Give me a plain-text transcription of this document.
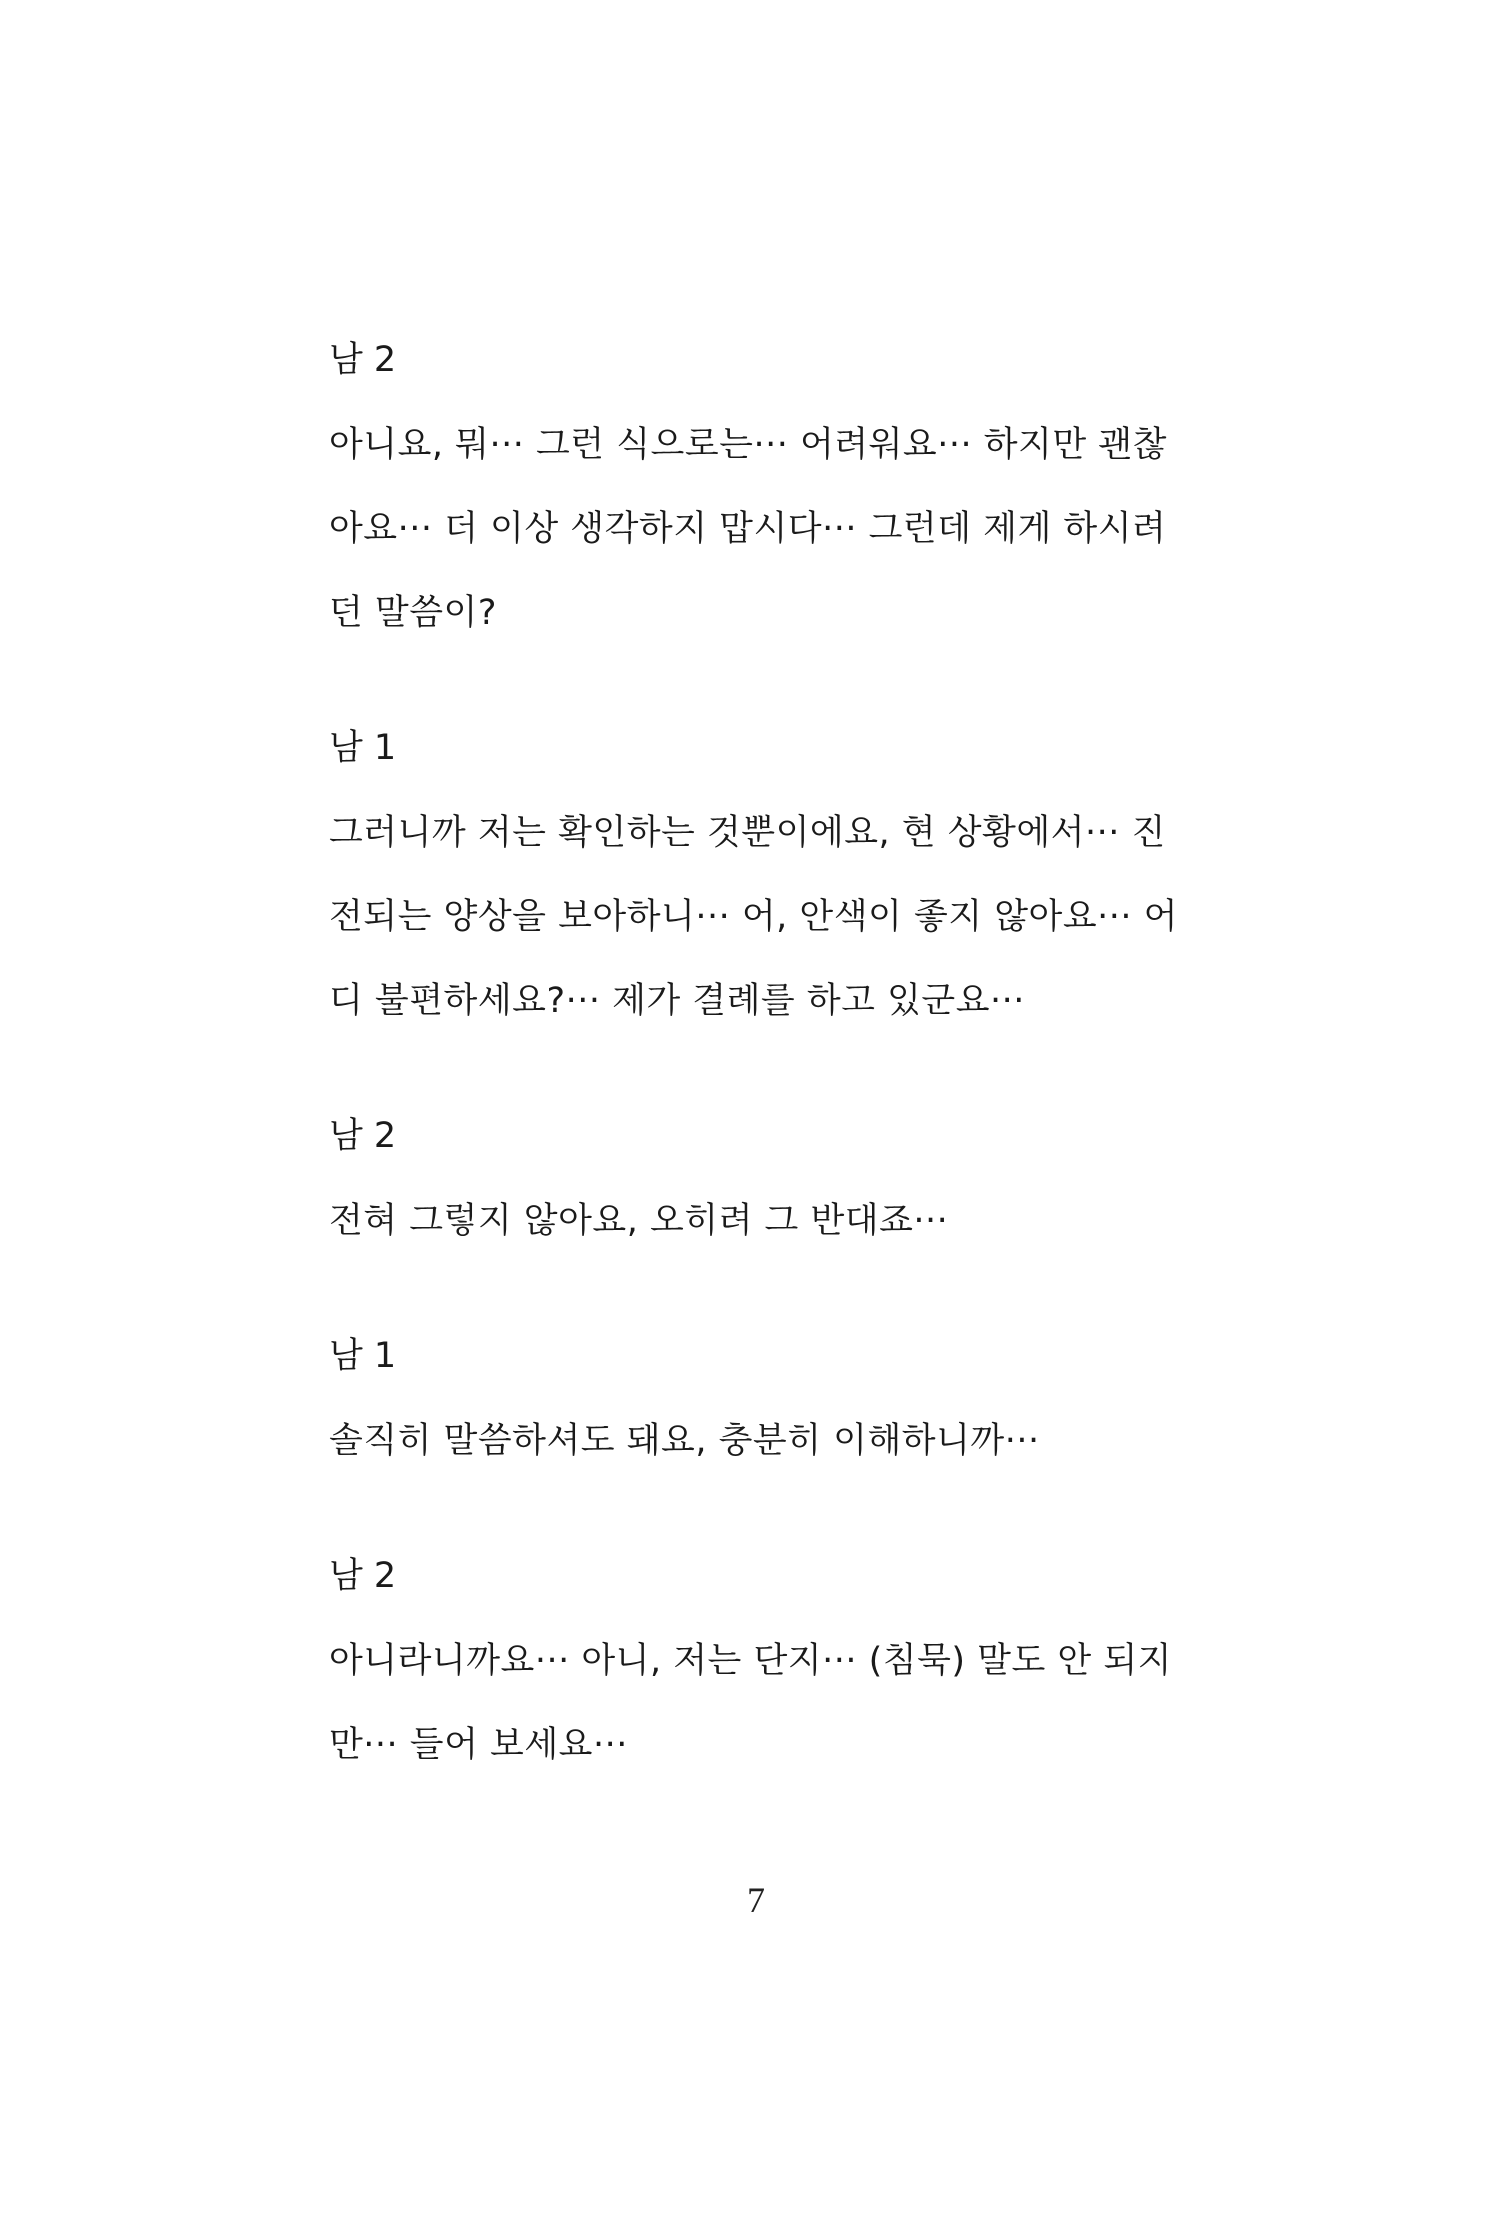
남 2
아니요, 뭐··· 그런 식으로는··· 어려워요··· 하지만 괜찮
아요··· 더 이상 생각하지 맙시다··· 그런데 제게 하시려
던 말씀이?
남 1
그러니까 저는 확인하는 것뿐이에요, 현 상황에서··· 진
전되는 양상을 보아하니··· 어, 안색이 좋지 않아요··· 어
디 불편하세요?··· 제가 결례를 하고 있군요···
남 2
전혀 그렇지 않아요, 오히려 그 반대죠···
남 1
솔직히 말씀하셔도 돼요, 충분히 이해하니까···
남 2
아니라니까요··· 아니, 저는 단지··· (침묵) 말도 안 되지
만··· 들어 보세요···
7
